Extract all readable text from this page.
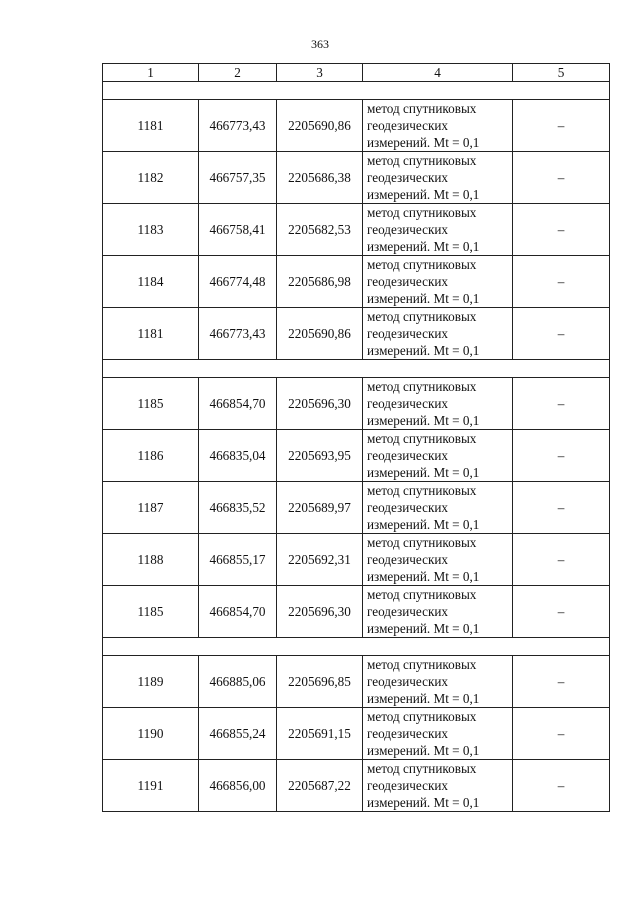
363
1	2	3	4	5

1181	466773,43	2205690,86	метод спутниковых
геодезических
измерений. Mt = 0,1	–
1182	466757,35	2205686,38	метод спутниковых
геодезических
измерений. Mt = 0,1	–
1183	466758,41	2205682,53	метод спутниковых
геодезических
измерений. Mt = 0,1	–
1184	466774,48	2205686,98	метод спутниковых
геодезических
измерений. Mt = 0,1	–
1181	466773,43	2205690,86	метод спутниковых
геодезических
измерений. Mt = 0,1	–

1185	466854,70	2205696,30	метод спутниковых
геодезических
измерений. Mt = 0,1	–
1186	466835,04	2205693,95	метод спутниковых
геодезических
измерений. Mt = 0,1	–
1187	466835,52	2205689,97	метод спутниковых
геодезических
измерений. Mt = 0,1	–
1188	466855,17	2205692,31	метод спутниковых
геодезических
измерений. Mt = 0,1	–
1185	466854,70	2205696,30	метод спутниковых
геодезических
измерений. Mt = 0,1	–

1189	466885,06	2205696,85	метод спутниковых
геодезических
измерений. Mt = 0,1	–
1190	466855,24	2205691,15	метод спутниковых
геодезических
измерений. Mt = 0,1	–
1191	466856,00	2205687,22	метод спутниковых
геодезических
измерений. Mt = 0,1	–
